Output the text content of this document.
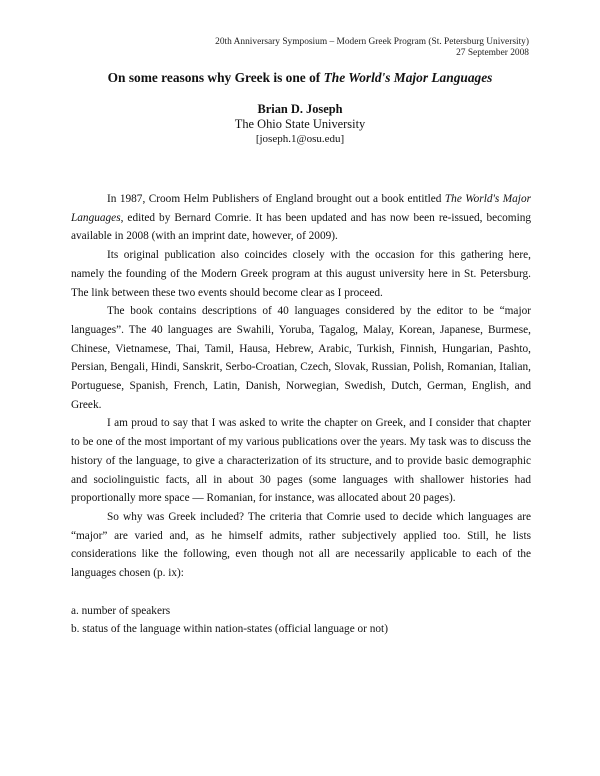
20th Anniversary Symposium – Modern Greek Program (St. Petersburg University)
27 September 2008
On some reasons why Greek is one of The World's Major Languages
Brian D. Joseph
The Ohio State University
[joseph.1@osu.edu]

In 1987, Croom Helm Publishers of England brought out a book entitled The World's Major Languages, edited by Bernard Comrie. It has been updated and has now been re-issued, becoming available in 2008 (with an imprint date, however, of 2009).

Its original publication also coincides closely with the occasion for this gathering here, namely the founding of the Modern Greek program at this august university here in St. Petersburg. The link between these two events should become clear as I proceed.

The book contains descriptions of 40 languages considered by the editor to be “major languages”. The 40 languages are Swahili, Yoruba, Tagalog, Malay, Korean, Japanese, Burmese, Chinese, Vietnamese, Thai, Tamil, Hausa, Hebrew, Arabic, Turkish, Finnish, Hungarian, Pashto, Persian, Bengali, Hindi, Sanskrit, Serbo-Croatian, Czech, Slovak, Russian, Polish, Romanian, Italian, Portuguese, Spanish, French, Latin, Danish, Norwegian, Swedish, Dutch, German, English, and Greek.

I am proud to say that I was asked to write the chapter on Greek, and I consider that chapter to be one of the most important of my various publications over the years. My task was to discuss the history of the language, to give a characterization of its structure, and to provide basic demographic and sociolinguistic facts, all in about 30 pages (some languages with shallower histories had proportionally more space — Romanian, for instance, was allocated about 20 pages).

So why was Greek included? The criteria that Comrie used to decide which languages are “major” are varied and, as he himself admits, rather subjectively applied too. Still, he lists considerations like the following, even though not all are necessarily applicable to each of the languages chosen (p. ix):

a. number of speakers
b. status of the language within nation-states (official language or not)
